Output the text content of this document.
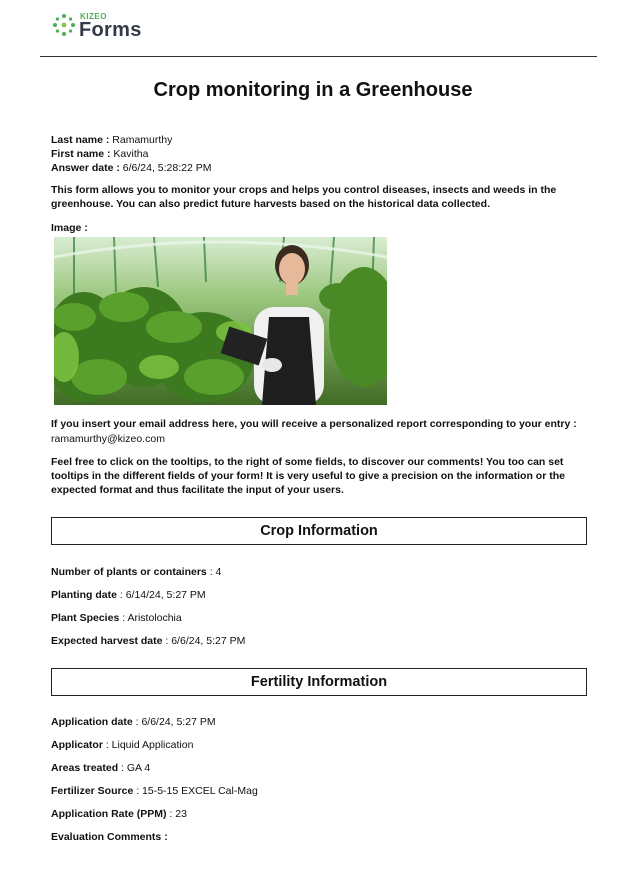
KIZEO
Forms
Crop monitoring in a Greenhouse
Last name : Ramamurthy
First name : Kavitha
Answer date : 6/6/24, 5:28:22 PM
This form allows you to monitor your crops and helps you control diseases, insects and weeds in the greenhouse. You can also predict future harvests based on the historical data collected.
Image :
If you insert your email address here, you will receive a personalized report corresponding to your entry :
ramamurthy@kizeo.com
Feel free to click on the tooltips, to the right of some fields, to discover our comments! You too can set tooltips in the different fields of your form! It is very useful to give a precision on the information or the expected format and thus facilitate the input of your users.
Crop Information
Number of plants or containers : 4
Planting date : 6/14/24, 5:27 PM
Plant Species : Aristolochia
Expected harvest date : 6/6/24, 5:27 PM
Fertility Information
Application date : 6/6/24, 5:27 PM
Applicator : Liquid Application
Areas treated : GA 4
Fertilizer Source : 15-5-15 EXCEL Cal-Mag
Application Rate (PPM) : 23
Evaluation Comments :
